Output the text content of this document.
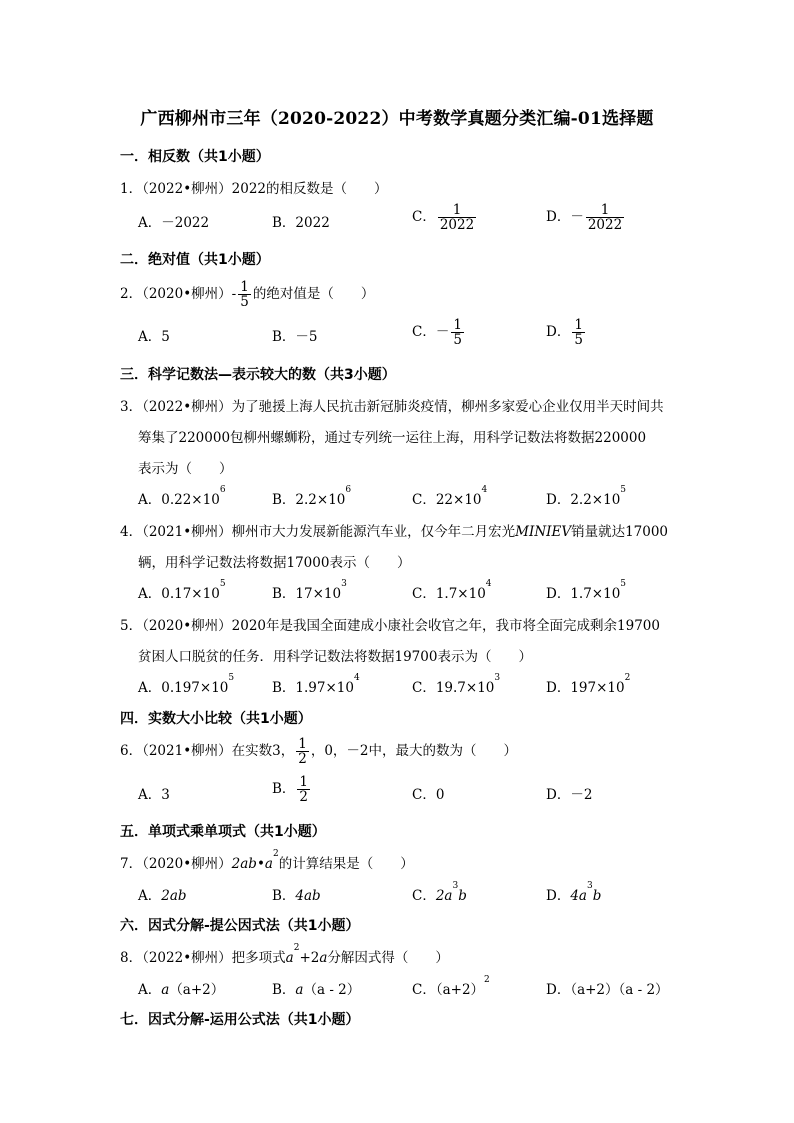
广西柳州市三年（2020-2022）中考数学真题分类汇编-01选择题
一．相反数（共1小题）
1．（2022•柳州）2022的相反数是（　　）
A．－2022	B．2022	C． $\frac{1}{2022}$	D．－ $\frac{1}{2022}$
二．绝对值（共1小题）
2．（2020•柳州）- $\frac{1}{5}$ 的绝对值是（　　）
A．5	B．－5	C．－ $\frac{1}{5}$	D． $\frac{1}{5}$
三．科学记数法—表示较大的数（共3小题）
3．（2022•柳州）为了驰援上海人民抗击新冠肺炎疫情，柳州多家爱心企业仅用半天时间共
筹集了220000包柳州螺蛳粉，通过专列统一运往上海，用科学记数法将数据220000
表示为（　　）
A．$0.22\times 10^6$
B．$2.2\times 10^6$
C．$22\times 10^4$
D．$2.2\times 10^5$
4．（2021•柳州）柳州市大力发展新能源汽车业，仅今年二月宏光MINIEV销量就达17000
辆，用科学记数法将数据17000表示（　　）
A．$0.17\times 10^5$
B．$17\times 10^3$
C．$1.7\times 10^4$
D．$1.7\times 10^5$
5．（2020•柳州）2020年是我国全面建成小康社会收官之年，我市将全面完成剩余19700
贫困人口脱贫的任务．用科学记数法将数据19700表示为（　　）
A．$0.197\times 10^5$
B．$1.97\times 10^4$
C．$19.7\times 10^3$
D．$197\times 10^2$
四．实数大小比较（共1小题）
6．（2021•柳州）在实数3， $\frac{1}{2}$ ，0，－2中，最大的数为（　　）
A．3	B． $\frac{1}{2}$	C．0	D．－2
五．单项式乘单项式（共1小题）
7．（2020•柳州）$2ab•a^2$的计算结果是（　　）
A．2ab	B．4ab	C．$2a^3b$	D．$4a^3b$
六．因式分解-提公因式法（共1小题）
8．（2022•柳州）把多项式$a^2+2a$分解因式得（　　）
A．a（a+2）	B．a（a - 2）	C．$(a+2)^2$
D．（a+2）（a - 2）
七．因式分解-运用公式法（共1小题）
